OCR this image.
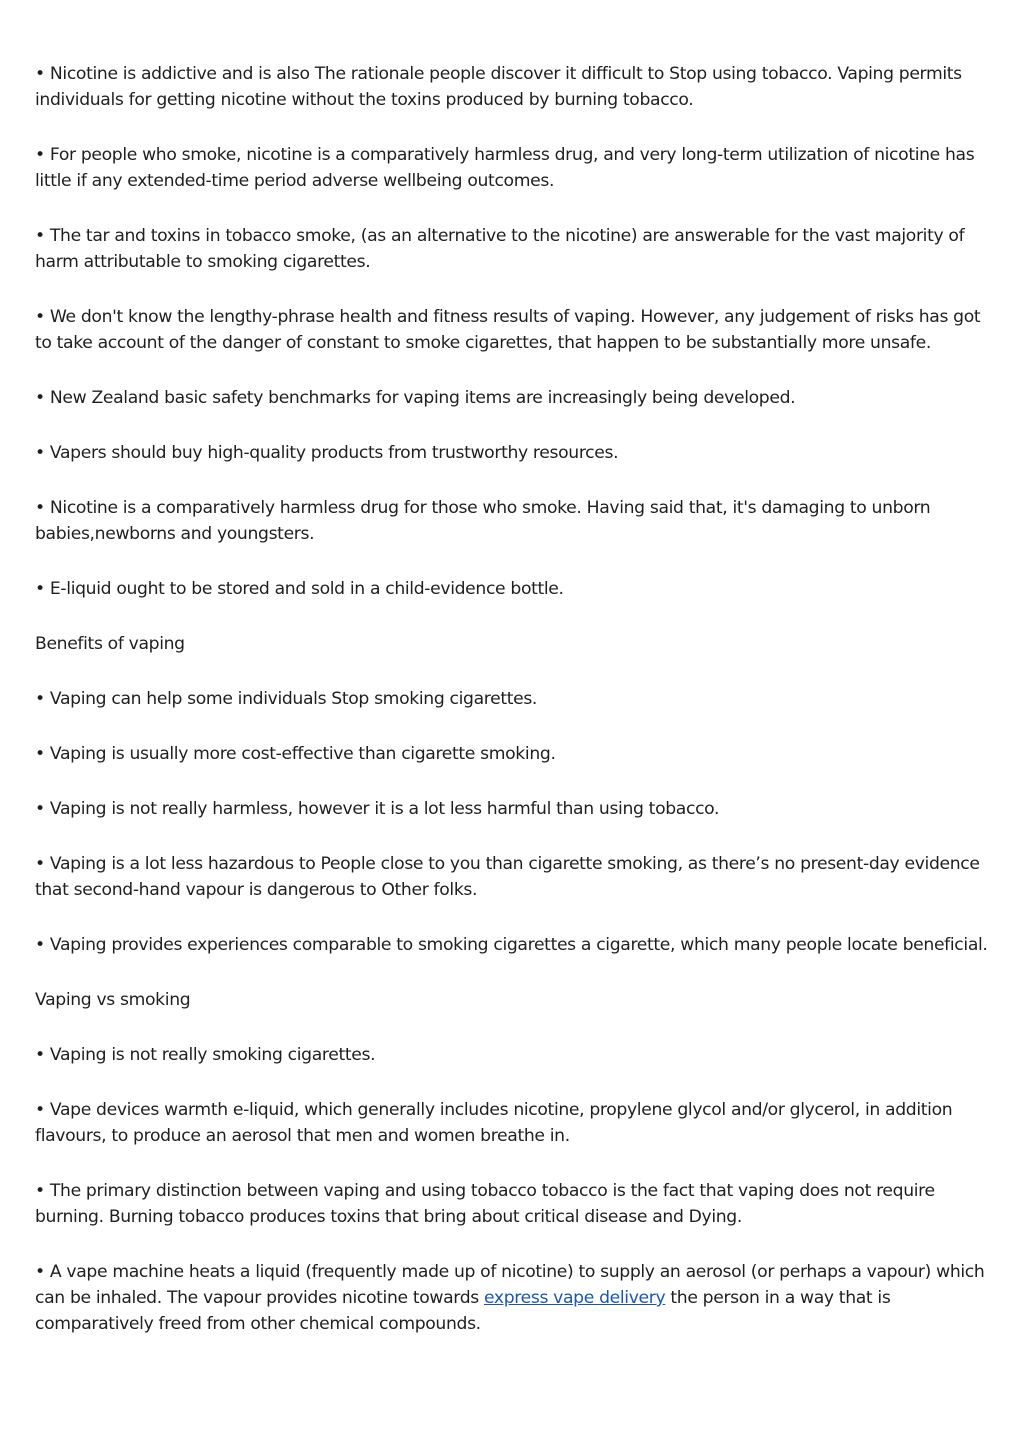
• Nicotine is addictive and is also The rationale people discover it difficult to Stop using tobacco. Vaping permits individuals for getting nicotine without the toxins produced by burning tobacco.

• For people who smoke, nicotine is a comparatively harmless drug, and very long-term utilization of nicotine has little if any extended-time period adverse wellbeing outcomes.

• The tar and toxins in tobacco smoke, (as an alternative to the nicotine) are answerable for the vast majority of harm attributable to smoking cigarettes.

• We don't know the lengthy-phrase health and fitness results of vaping. However, any judgement of risks has got to take account of the danger of constant to smoke cigarettes, that happen to be substantially more unsafe.

• New Zealand basic safety benchmarks for vaping items are increasingly being developed.

• Vapers should buy high-quality products from trustworthy resources.

• Nicotine is a comparatively harmless drug for those who smoke. Having said that, it's damaging to unborn babies,newborns and youngsters.

• E-liquid ought to be stored and sold in a child-evidence bottle.

Benefits of vaping

• Vaping can help some individuals Stop smoking cigarettes.

• Vaping is usually more cost-effective than cigarette smoking.

• Vaping is not really harmless, however it is a lot less harmful than using tobacco.

• Vaping is a lot less hazardous to People close to you than cigarette smoking, as there’s no present-day evidence that second-hand vapour is dangerous to Other folks.

• Vaping provides experiences comparable to smoking cigarettes a cigarette, which many people locate beneficial.

Vaping vs smoking

• Vaping is not really smoking cigarettes.

• Vape devices warmth e-liquid, which generally includes nicotine, propylene glycol and/or glycerol, in addition flavours, to produce an aerosol that men and women breathe in.

• The primary distinction between vaping and using tobacco tobacco is the fact that vaping does not require burning. Burning tobacco produces toxins that bring about critical disease and Dying.

• A vape machine heats a liquid (frequently made up of nicotine) to supply an aerosol (or perhaps a vapour) which can be inhaled. The vapour provides nicotine towards express vape delivery the person in a way that is comparatively freed from other chemical compounds.
